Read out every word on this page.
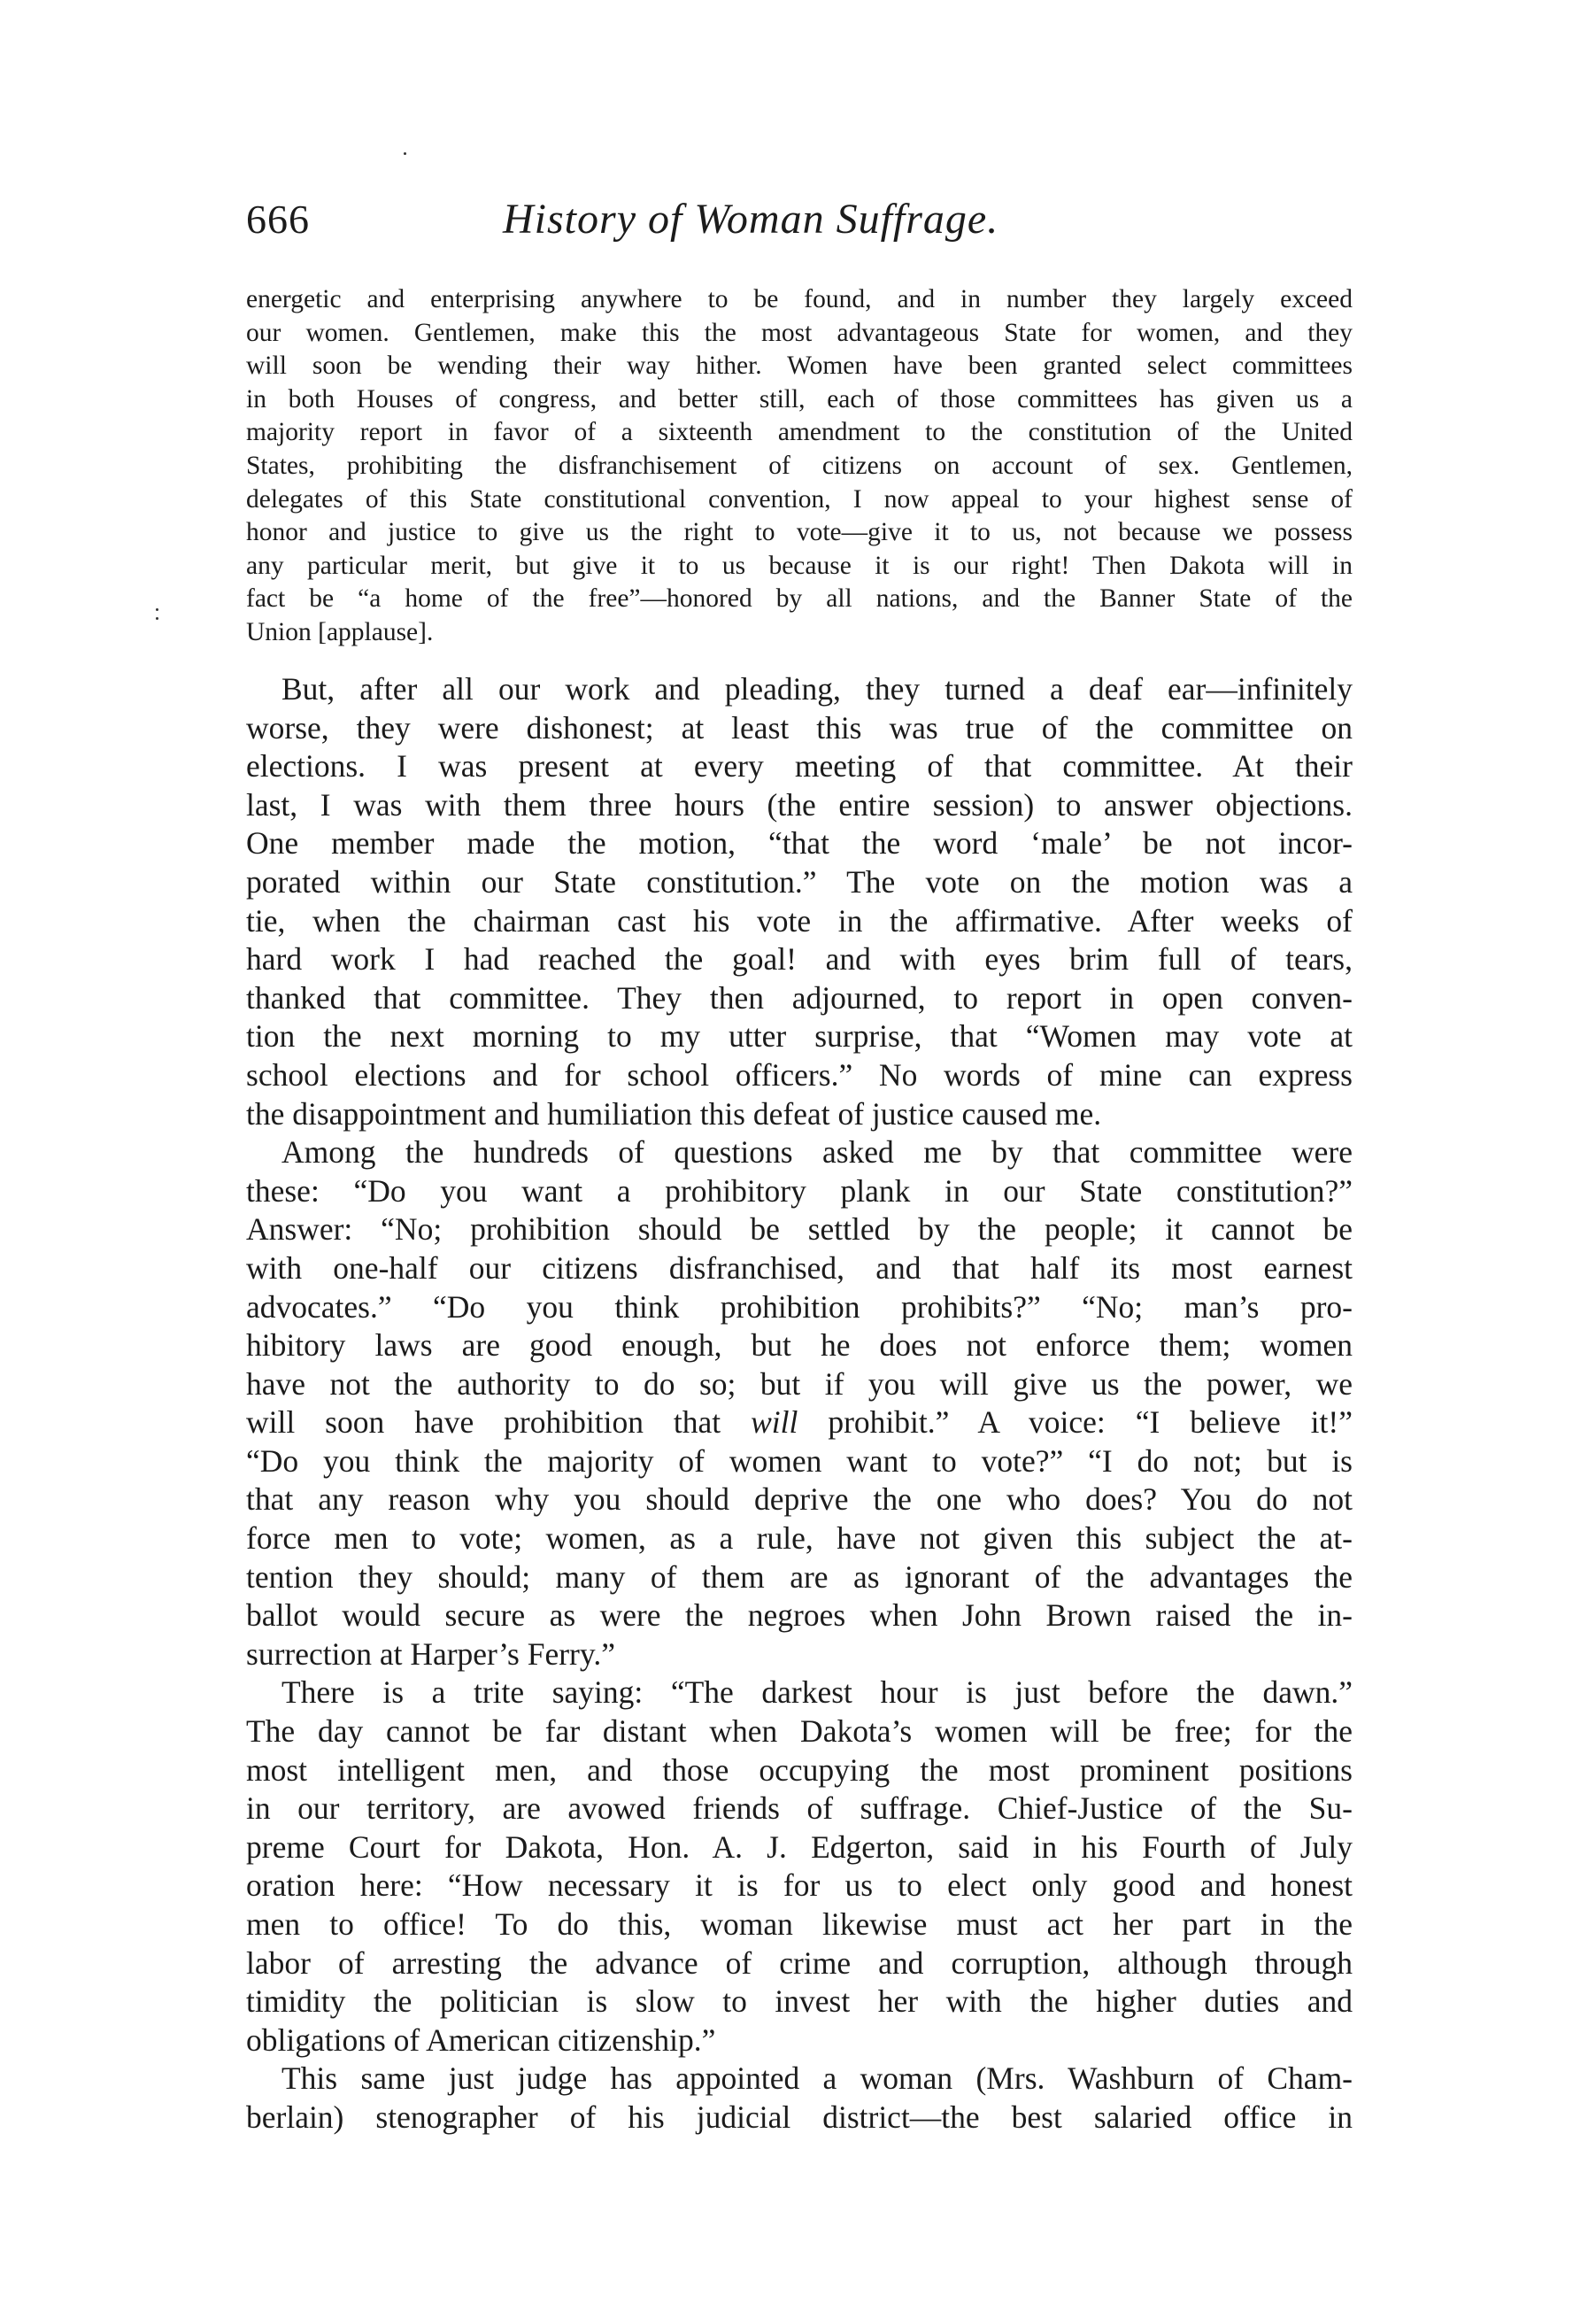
666	History of Woman Suffrage.
energetic and enterprising anywhere to be found, and in number they largely exceed
our women. Gentlemen, make this the most advantageous State for women, and they
will soon be wending their way hither. Women have been granted select committees
in both Houses of congress, and better still, each of those committees has given us a
majority report in favor of a sixteenth amendment to the constitution of the United
States, prohibiting the disfranchisement of citizens on account of sex. Gentlemen,
delegates of this State constitutional convention, I now appeal to your highest sense of
honor and justice to give us the right to vote—give it to us, not because we possess
any particular merit, but give it to us because it is our right! Then Dakota will in
fact be “a home of the free”—honored by all nations, and the Banner State of the
Union [applause].
But, after all our work and pleading, they turned a deaf ear—infinitely
worse, they were dishonest; at least this was true of the committee on
elections. I was present at every meeting of that committee. At their
last, I was with them three hours (the entire session) to answer objections.
One member made the motion, “that the word ‘male’ be not incor-
porated within our State constitution.” The vote on the motion was a
tie, when the chairman cast his vote in the affirmative. After weeks of
hard work I had reached the goal! and with eyes brim full of tears,
thanked that committee. They then adjourned, to report in open conven-
tion the next morning to my utter surprise, that “Women may vote at
school elections and for school officers.” No words of mine can express
the disappointment and humiliation this defeat of justice caused me.
Among the hundreds of questions asked me by that committee were
these: “Do you want a prohibitory plank in our State constitution?”
Answer: “No; prohibition should be settled by the people; it cannot be
with one-half our citizens disfranchised, and that half its most earnest
advocates.” “Do you think prohibition prohibits?” “No; man’s pro-
hibitory laws are good enough, but he does not enforce them; women
have not the authority to do so; but if you will give us the power, we
will soon have prohibition that will prohibit.” A voice: “I believe it!”
“Do you think the majority of women want to vote?” “I do not; but is
that any reason why you should deprive the one who does? You do not
force men to vote; women, as a rule, have not given this subject the at-
tention they should; many of them are as ignorant of the advantages the
ballot would secure as were the negroes when John Brown raised the in-
surrection at Harper’s Ferry.”
There is a trite saying: “The darkest hour is just before the dawn.”
The day cannot be far distant when Dakota’s women will be free; for the
most intelligent men, and those occupying the most prominent positions
in our territory, are avowed friends of suffrage. Chief-Justice of the Su-
preme Court for Dakota, Hon. A. J. Edgerton, said in his Fourth of July
oration here: “How necessary it is for us to elect only good and honest
men to office! To do this, woman likewise must act her part in the
labor of arresting the advance of crime and corruption, although through
timidity the politician is slow to invest her with the higher duties and
obligations of American citizenship.”
This same just judge has appointed a woman (Mrs. Washburn of Cham-
berlain) stenographer of his judicial district—the best salaried office in
